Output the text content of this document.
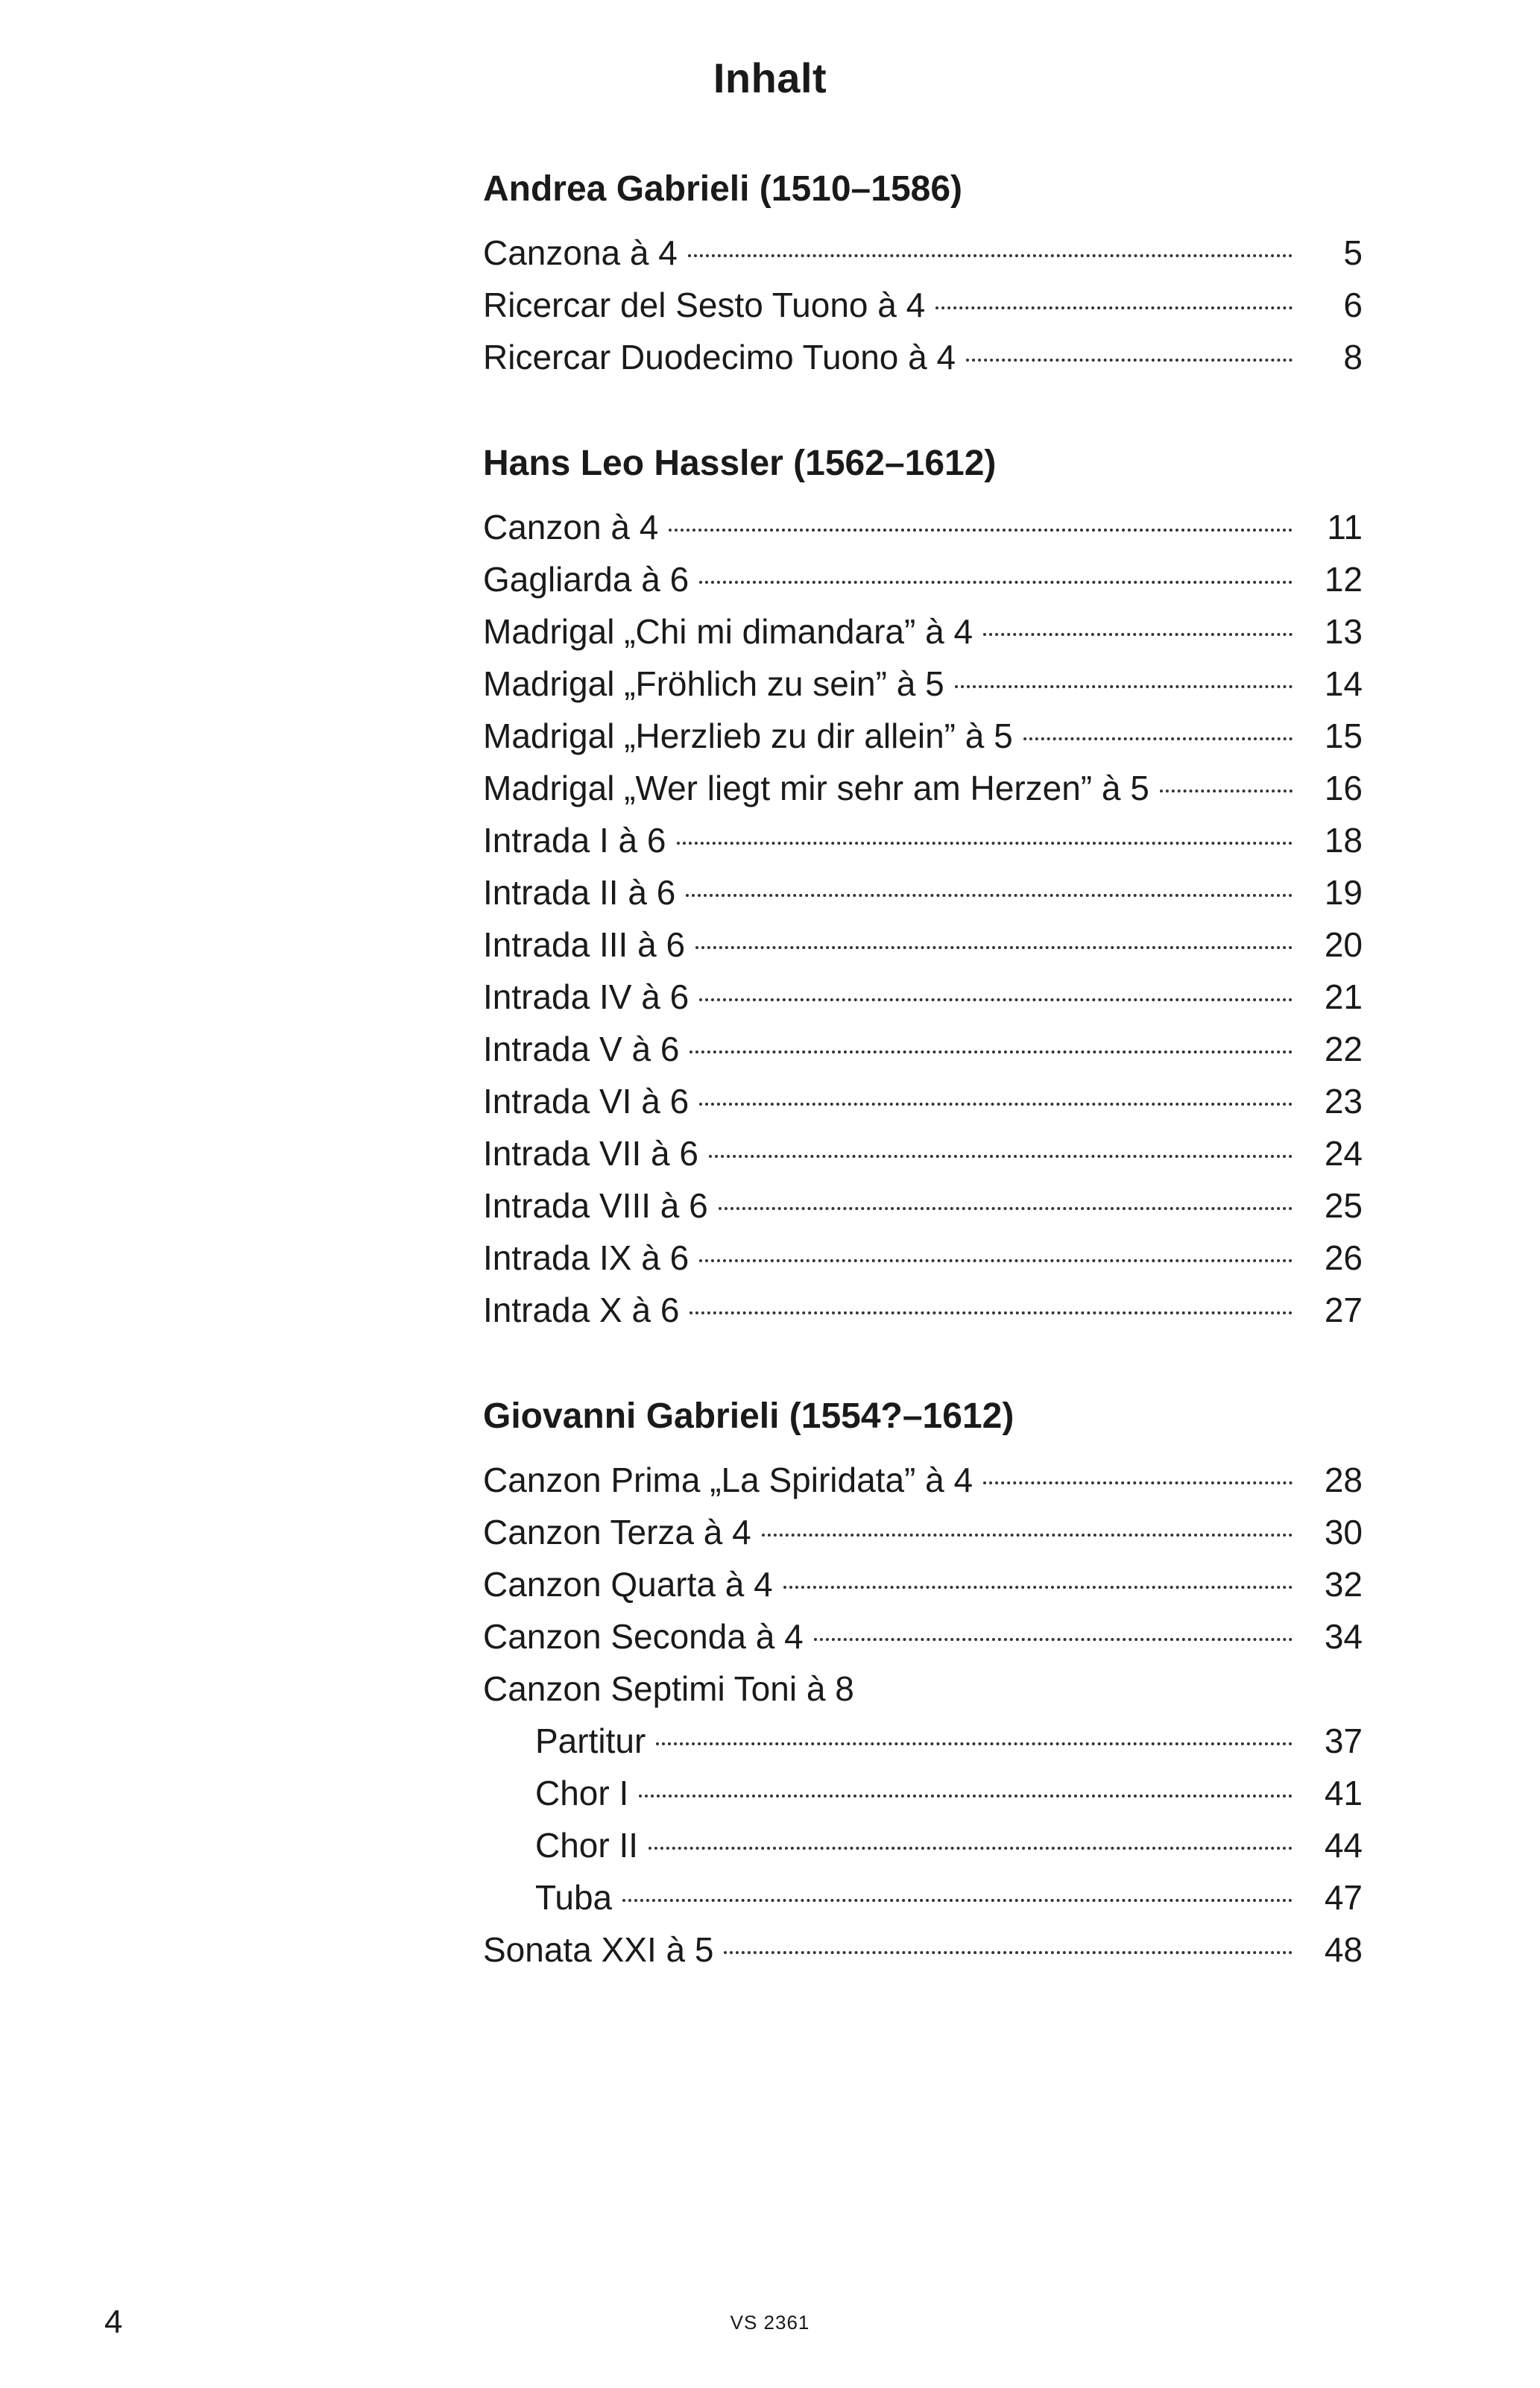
Inhalt
Andrea Gabrieli (1510–1586)
Canzona à 4	5
Ricercar del Sesto Tuono à 4	6
Ricercar Duodecimo Tuono à 4	8
Hans Leo Hassler (1562–1612)
Canzon à 4	11
Gagliarda à 6	12
Madrigal „Chi mi dimandara” à 4	13
Madrigal „Fröhlich zu sein” à 5	14
Madrigal „Herzlieb zu dir allein” à 5	15
Madrigal „Wer liegt mir sehr am Herzen” à 5	16
Intrada I à 6	18
Intrada II à 6	19
Intrada III à 6	20
Intrada IV à 6	21
Intrada V à 6	22
Intrada VI à 6	23
Intrada VII à 6	24
Intrada VIII à 6	25
Intrada IX à 6	26
Intrada X à 6	27
Giovanni Gabrieli (1554?–1612)
Canzon Prima „La Spiridata” à 4	28
Canzon Terza à 4	30
Canzon Quarta à 4	32
Canzon Seconda à 4	34
Canzon Septimi Toni à 8
Partitur	37
Chor I	41
Chor II	44
Tuba	47
Sonata XXI à 5	48
4	VS 2361
